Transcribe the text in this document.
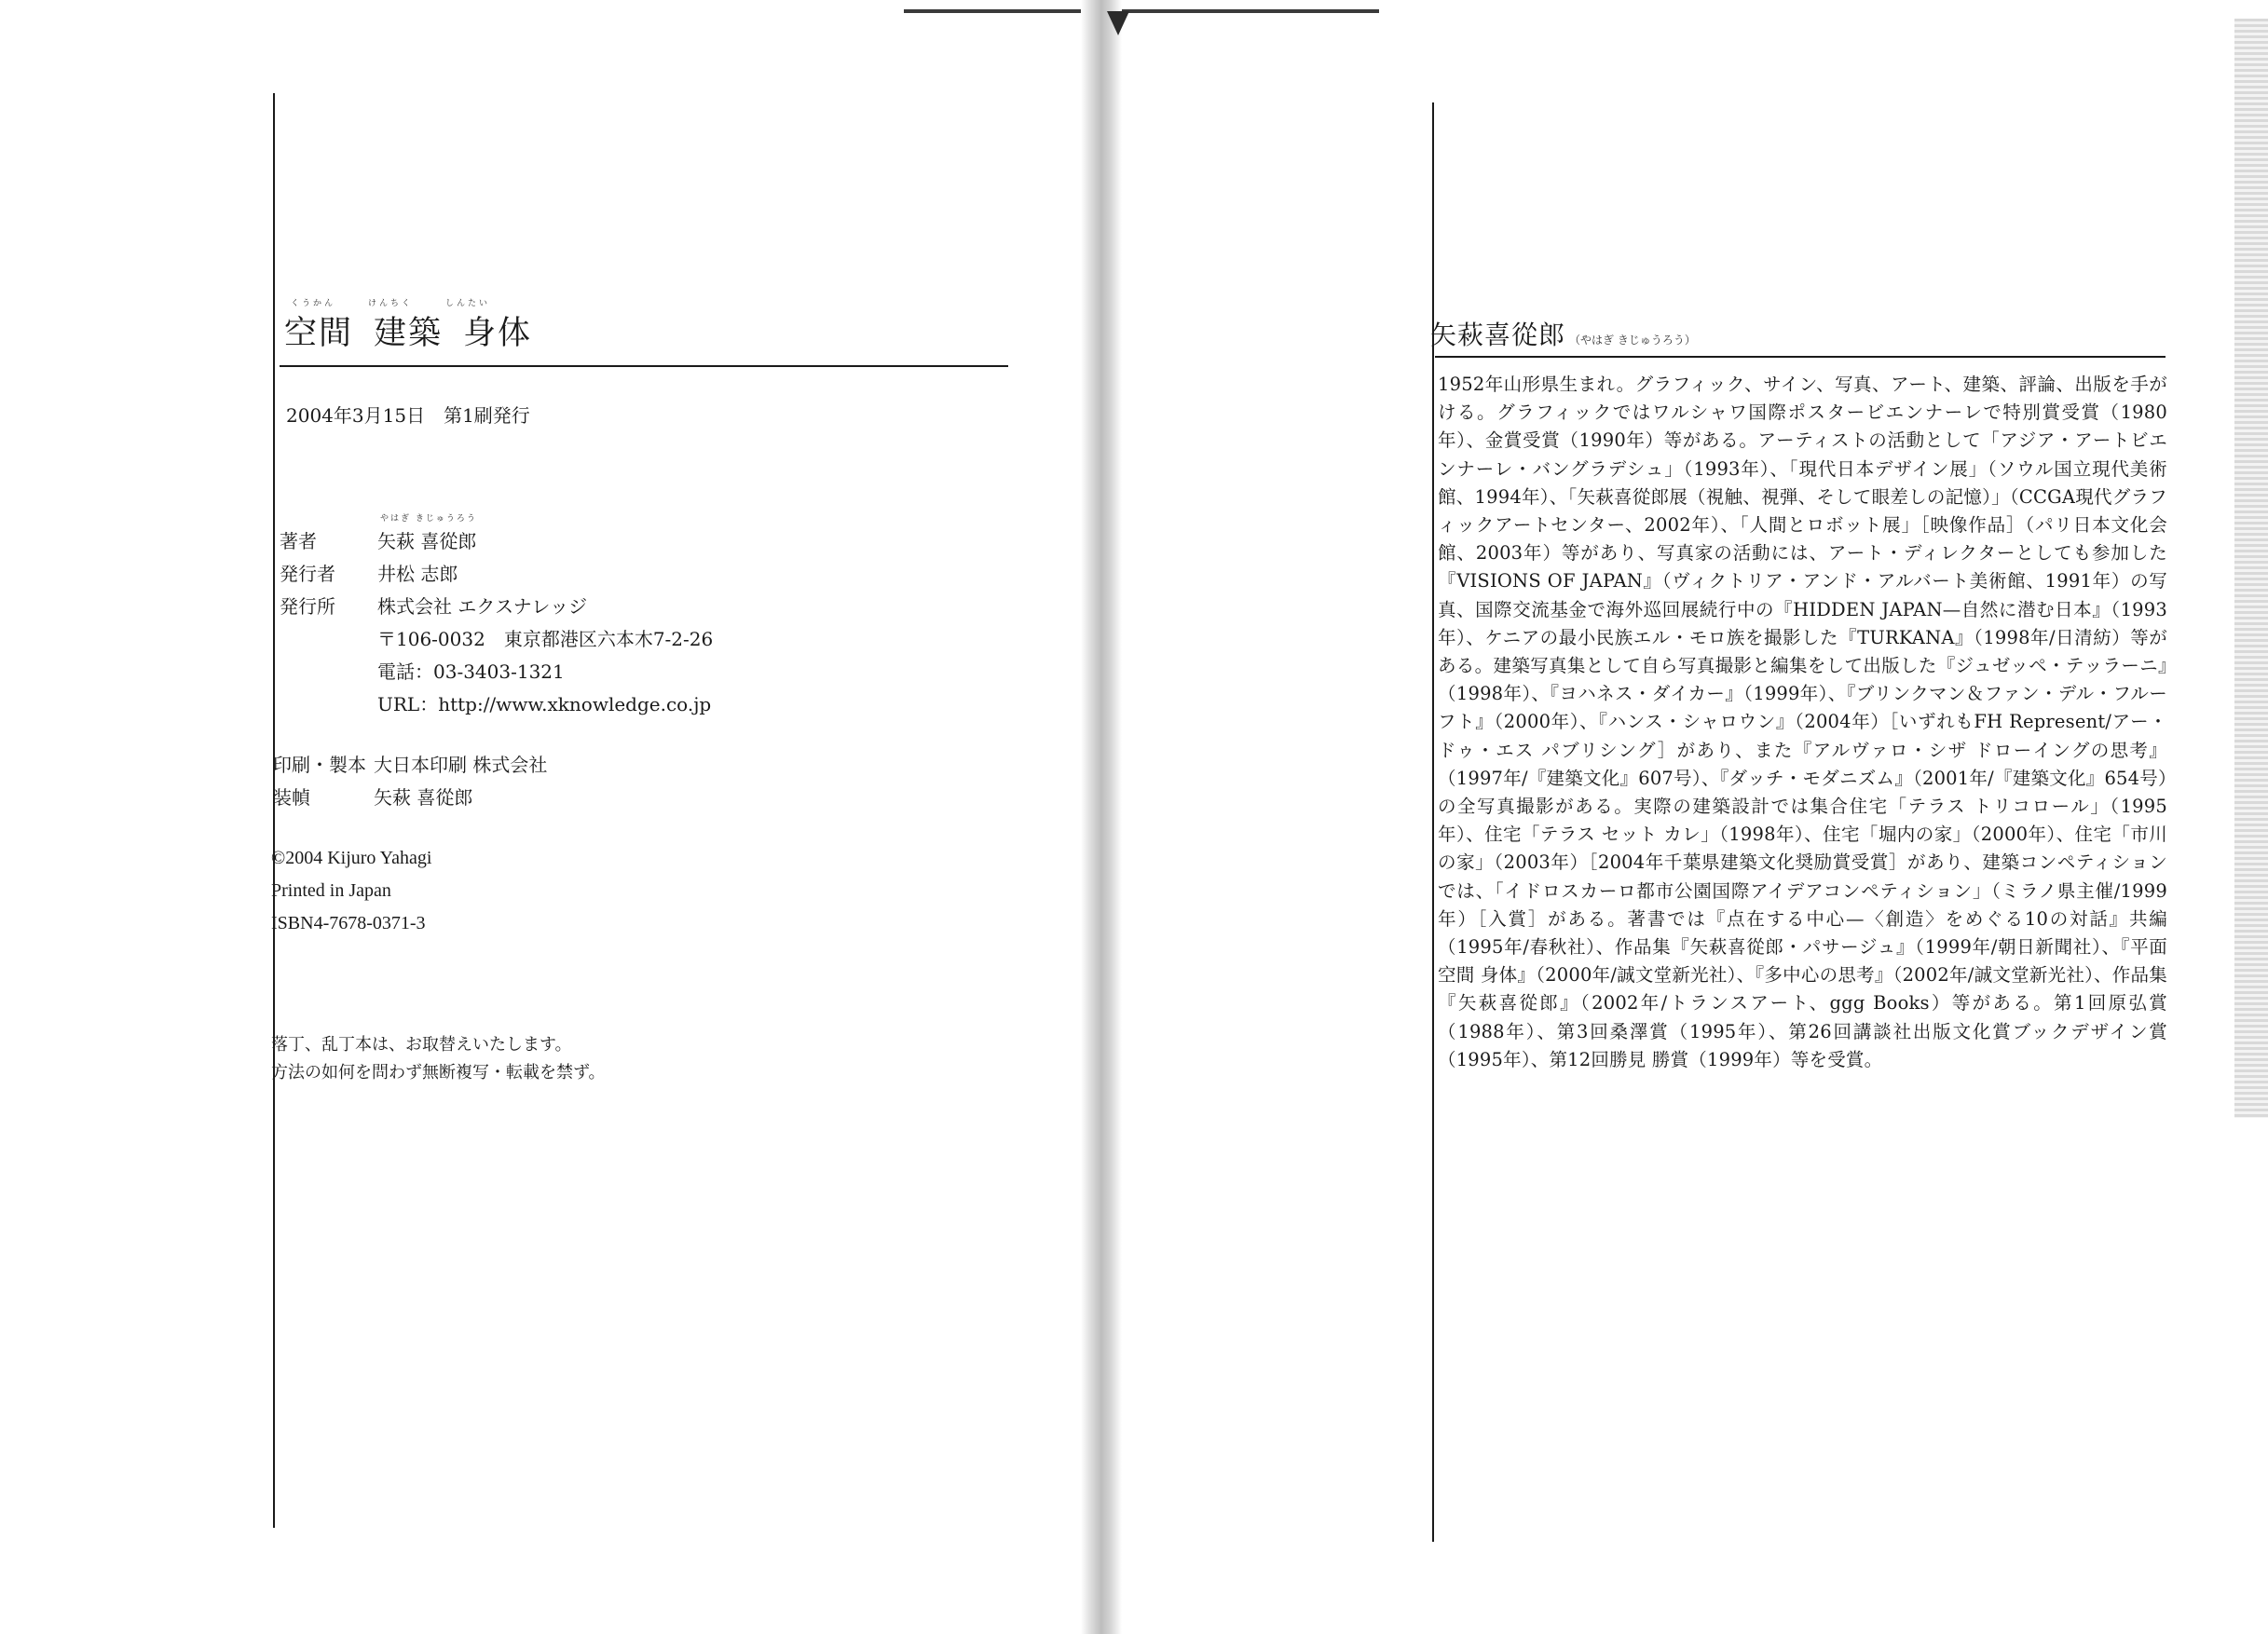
くうかん	けんちく	しんたい
空間 建築 身体
2004年3月15日　第1刷発行
著者	矢萩 喜從郎
発行者	井松 志郎
発行所	株式会社 エクスナレッジ
〒106-0032　東京都港区六本木7-2-26
電話：03-3403-1321
URL：http://www.xknowledge.co.jp
やはぎ きじゅうろう
印刷・製本 大日本印刷 株式会社
装幀	矢萩 喜從郎
©2004 Kijuro Yahagi
Printed in Japan
ISBN4-7678-0371-3
落丁、乱丁本は、お取替えいたします。
方法の如何を問わず無断複写・転載を禁ず。
矢萩喜從郎 （やはぎ きじゅうろう）
1952年山形県生まれ。グラフィック、サイン、写真、アート、建築、評論、出版を手がける。グラフィックではワルシャワ国際ポスタービエンナーレで特別賞受賞（1980年）、金賞受賞（1990年）等がある。アーティストの活動として「アジア・アートビエンナーレ・バングラデシュ」（1993年）、「現代日本デザイン展」（ソウル国立現代美術館、1994年）、「矢萩喜從郎展（視触、視弾、そして眼差しの記憶）」（CCGA現代グラフィックアートセンター、2002年）、「人間とロボット展」［映像作品］（パリ日本文化会館、2003年）等があり、写真家の活動には、アート・ディレクターとしても参加した『VISIONS OF JAPAN』（ヴィクトリア・アンド・アルバート美術館、1991年）の写真、国際交流基金で海外巡回展続行中の『HIDDEN JAPAN—自然に潜む日本』（1993年）、ケニアの最小民族エル・モロ族を撮影した『TURKANA』（1998年/日清紡）等がある。建築写真集として自ら写真撮影と編集をして出版した『ジュゼッペ・テッラーニ』（1998年）、『ヨハネス・ダイカー』（1999年）、『ブリンクマン＆ファン・デル・フルーフト』（2000年）、『ハンス・シャロウン』（2004年）［いずれもFH Represent/アー・ドゥ・エス パブリシング］があり、また『アルヴァロ・シザ ドローイングの思考』（1997年/『建築文化』607号）、『ダッチ・モダニズム』（2001年/『建築文化』654号）の全写真撮影がある。実際の建築設計では集合住宅「テラス トリコロール」（1995年）、住宅「テラス セット カレ」（1998年）、住宅「堀内の家」（2000年）、住宅「市川の家」（2003年）［2004年千葉県建築文化奨励賞受賞］があり、建築コンペティションでは、「イドロスカーロ都市公園国際アイデアコンペティション」（ミラノ県主催/1999年）［入賞］がある。著書では『点在する中心—〈創造〉をめぐる10の対話』共編（1995年/春秋社）、作品集『矢萩喜從郎・パサージュ』（1999年/朝日新聞社）、『平面 空間 身体』（2000年/誠文堂新光社）、『多中心の思考』（2002年/誠文堂新光社）、作品集『矢萩喜從郎』（2002年/トランスアート、ggg Books）等がある。第1回原弘賞（1988年）、第3回桑澤賞（1995年）、第26回講談社出版文化賞ブックデザイン賞（1995年）、第12回勝見 勝賞（1999年）等を受賞。
